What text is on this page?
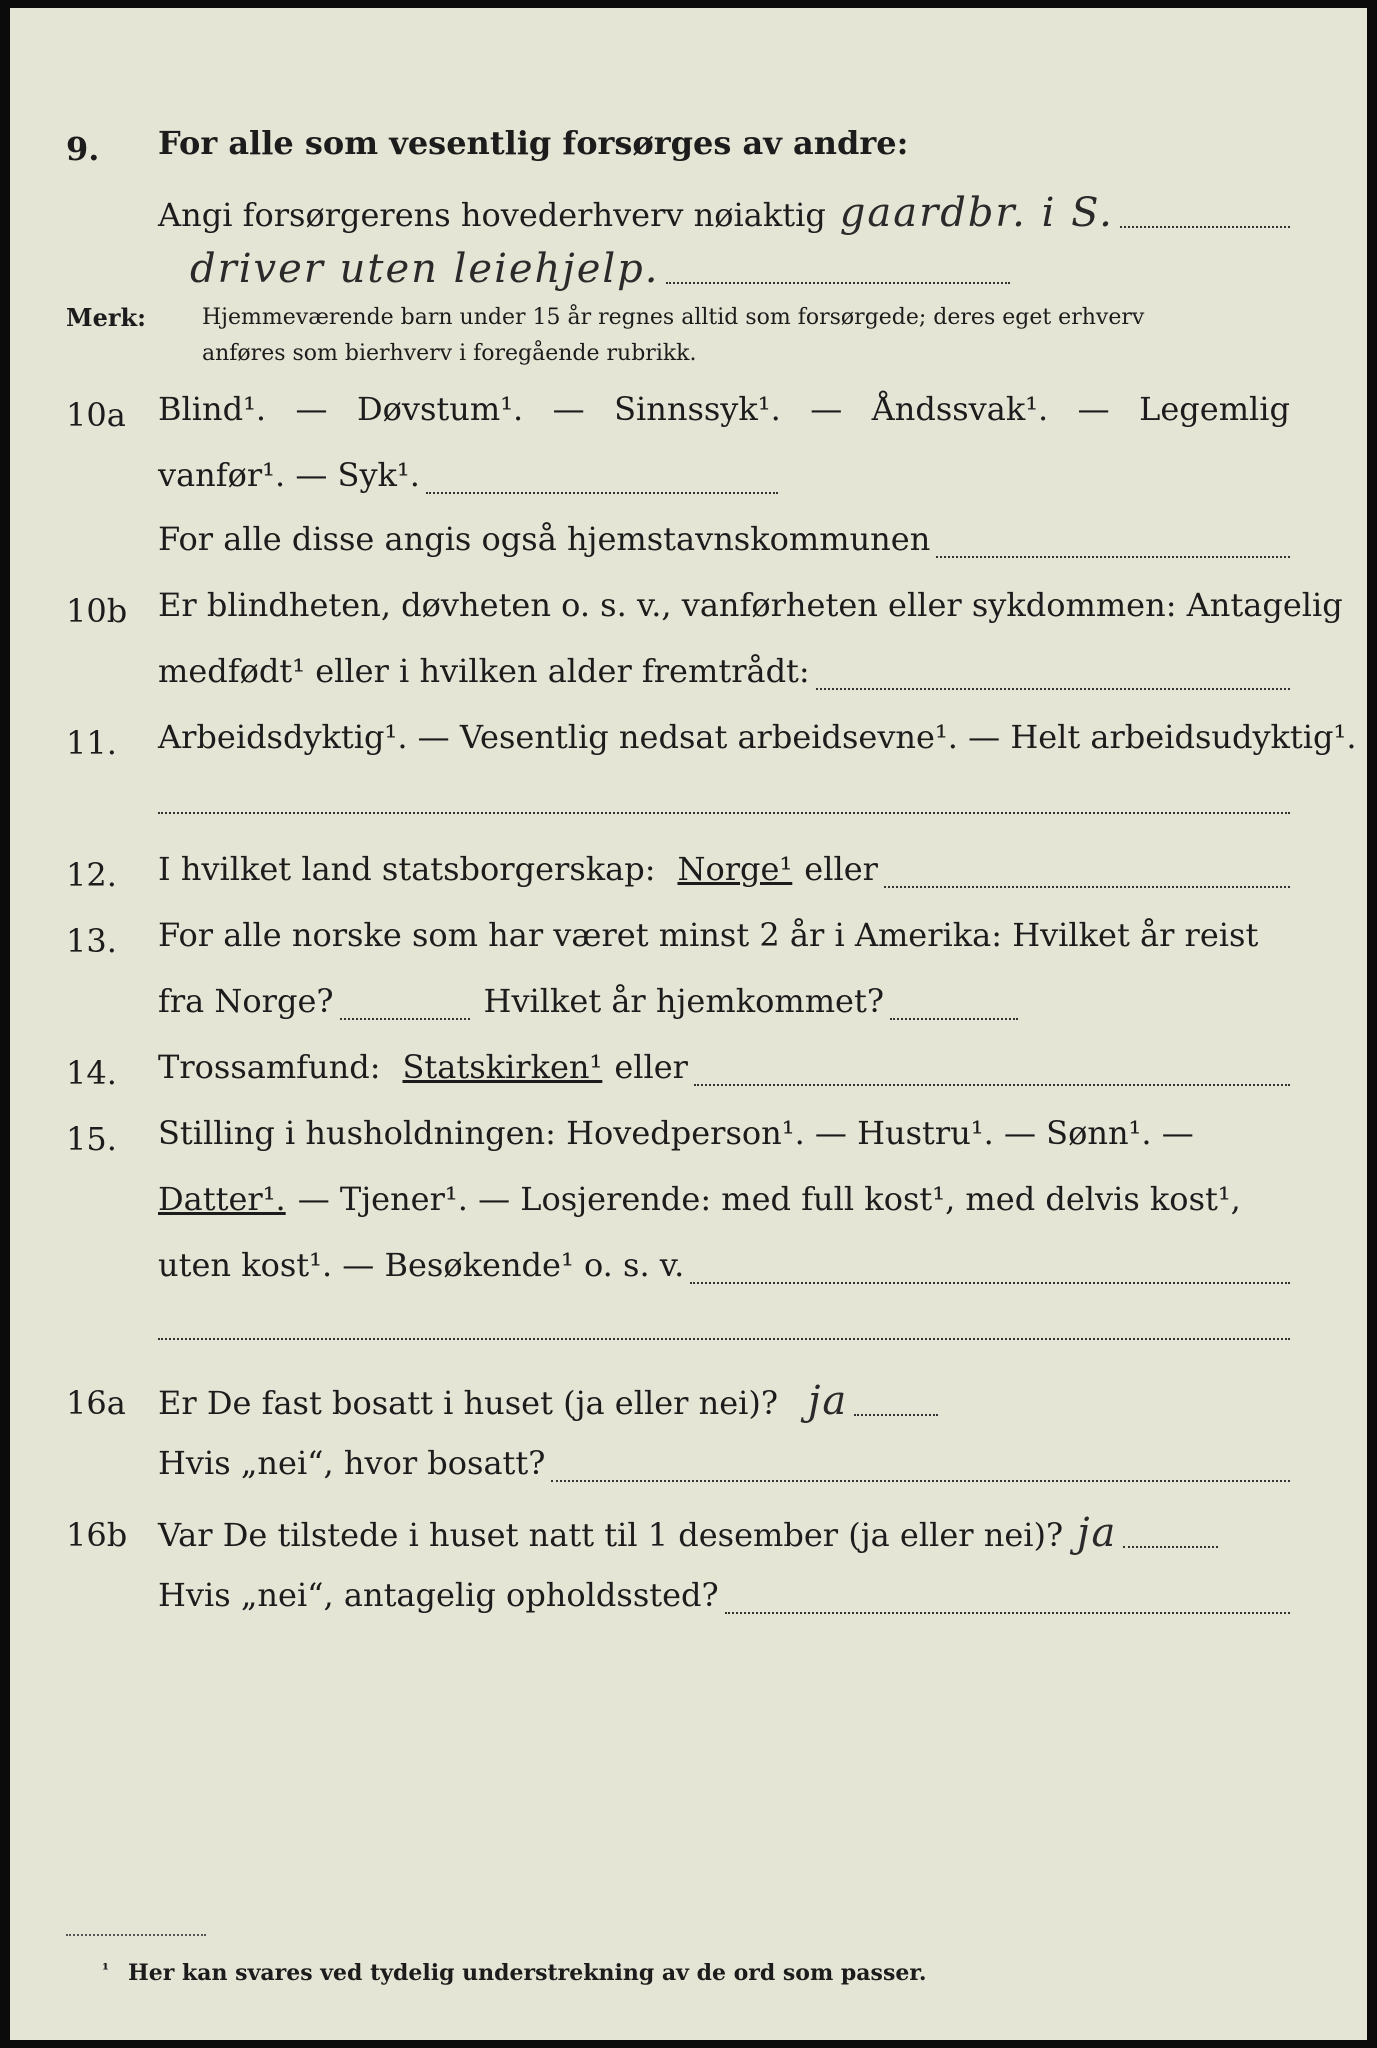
9. For alle som vesentlig forsørges av andre:
Angi forsørgerens hovederhverv nøiaktig gaardbr. i S.
driver uten leiehjelp.
Merk:	Hjemmeværende barn under 15 år regnes alltid som forsørgede; deres eget erhverv
anføres som bierhverv i foregående rubrikk.
10a Blind¹. — Døvstum¹. — Sinnssyk¹. — Åndssvak¹. — Legemlig
vanfør¹. — Syk¹.
For alle disse angis også hjemstavnskommunen
10b Er blindheten, døvheten o. s. v., vanførheten eller sykdommen: Antagelig
medfødt¹ eller i hvilken alder fremtrådt:
11. Arbeidsdyktig¹. — Vesentlig nedsat arbeidsevne¹. — Helt arbeidsudyktig¹.
12. I hvilket land statsborgerskap: Norge¹ eller
13. For alle norske som har været minst 2 år i Amerika: Hvilket år reist
fra Norge?	Hvilket år hjemkommet?
14. Trossamfund: Statskirken¹ eller
15. Stilling i husholdningen: Hovedperson¹. — Hustru¹. — Sønn¹. —
Datter¹. — Tjener¹. — Losjerende: med full kost¹, med delvis kost¹,
uten kost¹. — Besøkende¹ o. s. v.
16a Er De fast bosatt i huset (ja eller nei)? ja
Hvis „nei“, hvor bosatt?
16b Var De tilstede i huset natt til 1 desember (ja eller nei)? ja
Hvis „nei“, antagelig opholdssted?
¹ Her kan svares ved tydelig understrekning av de ord som passer.
